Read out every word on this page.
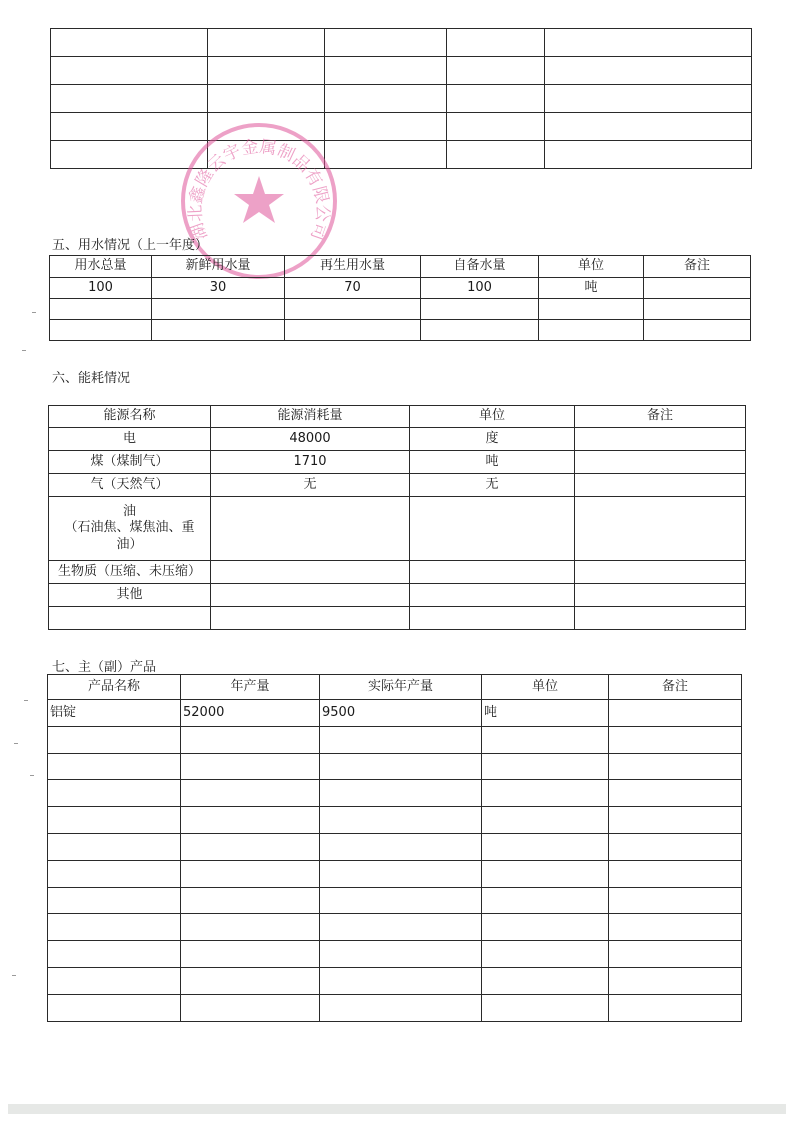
湖北鑫隆云宇金属制品有限公司
五、用水情况（上一年度）
用水总量	新鲜用水量	再生用水量	自备水量	单位	备注
100	30	70	100	吨	

六、能耗情况
能源名称	能源消耗量	单位	备注
电	48000	度	
煤（煤制气）	1710	吨	
气（天然气）	无	无	
油
（石油焦、煤焦油、重
油）			
生物质（压缩、未压缩）			
其他			

七、主（副）产品
产品名称	年产量	实际年产量	单位	备注
铝锭	52000	9500	吨	
